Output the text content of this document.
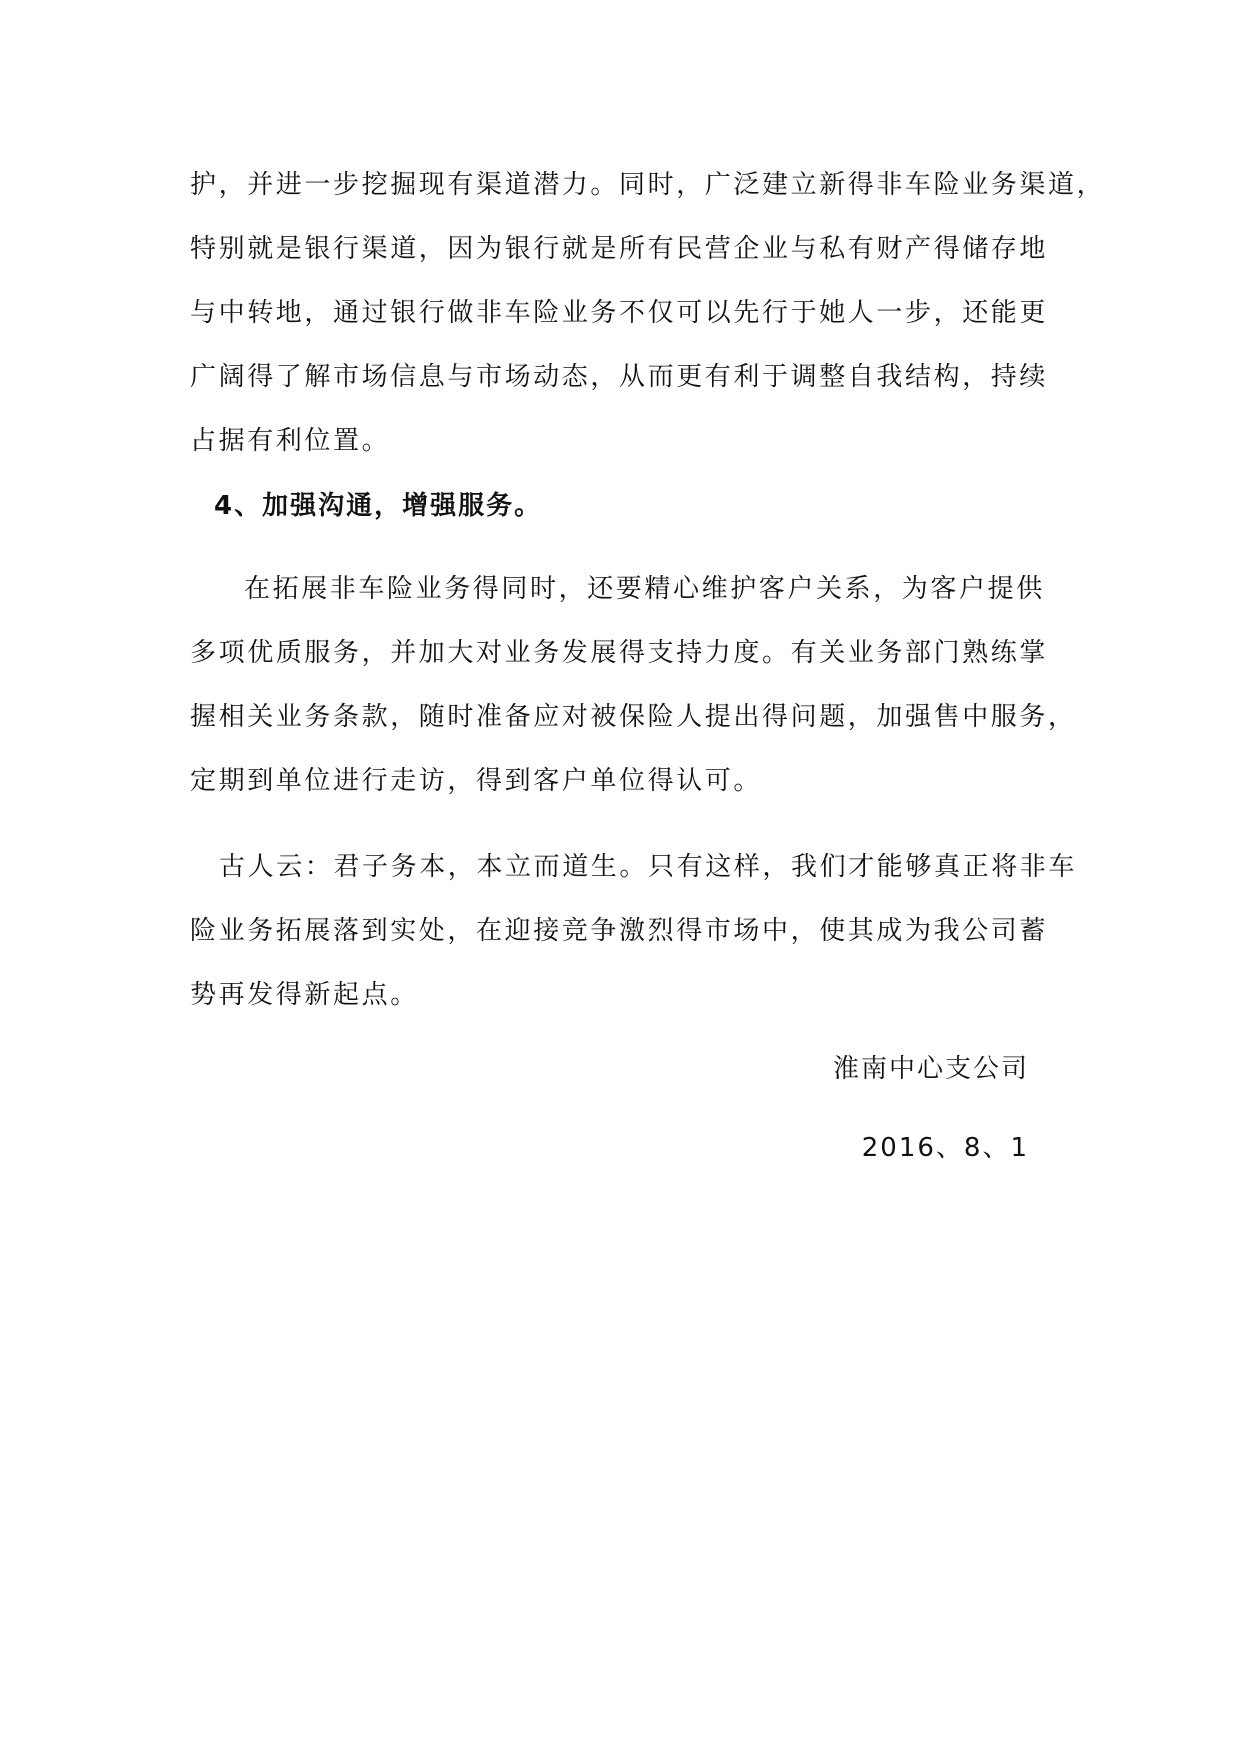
护，并进一步挖掘现有渠道潜力。同时，广泛建立新得非车险业务渠道，
特别就是银行渠道，因为银行就是所有民营企业与私有财产得储存地
与中转地，通过银行做非车险业务不仅可以先行于她人一步，还能更
广阔得了解市场信息与市场动态，从而更有利于调整自我结构，持续
占据有利位置。
4、加强沟通，增强服务。
在拓展非车险业务得同时，还要精心维护客户关系，为客户提供
多项优质服务，并加大对业务发展得支持力度。有关业务部门熟练掌
握相关业务条款，随时准备应对被保险人提出得问题，加强售中服务，
定期到单位进行走访，得到客户单位得认可。
古人云：君子务本，本立而道生。只有这样，我们才能够真正将非车
险业务拓展落到实处，在迎接竞争激烈得市场中，使其成为我公司蓄
势再发得新起点。
淮南中心支公司
2016、8、1
